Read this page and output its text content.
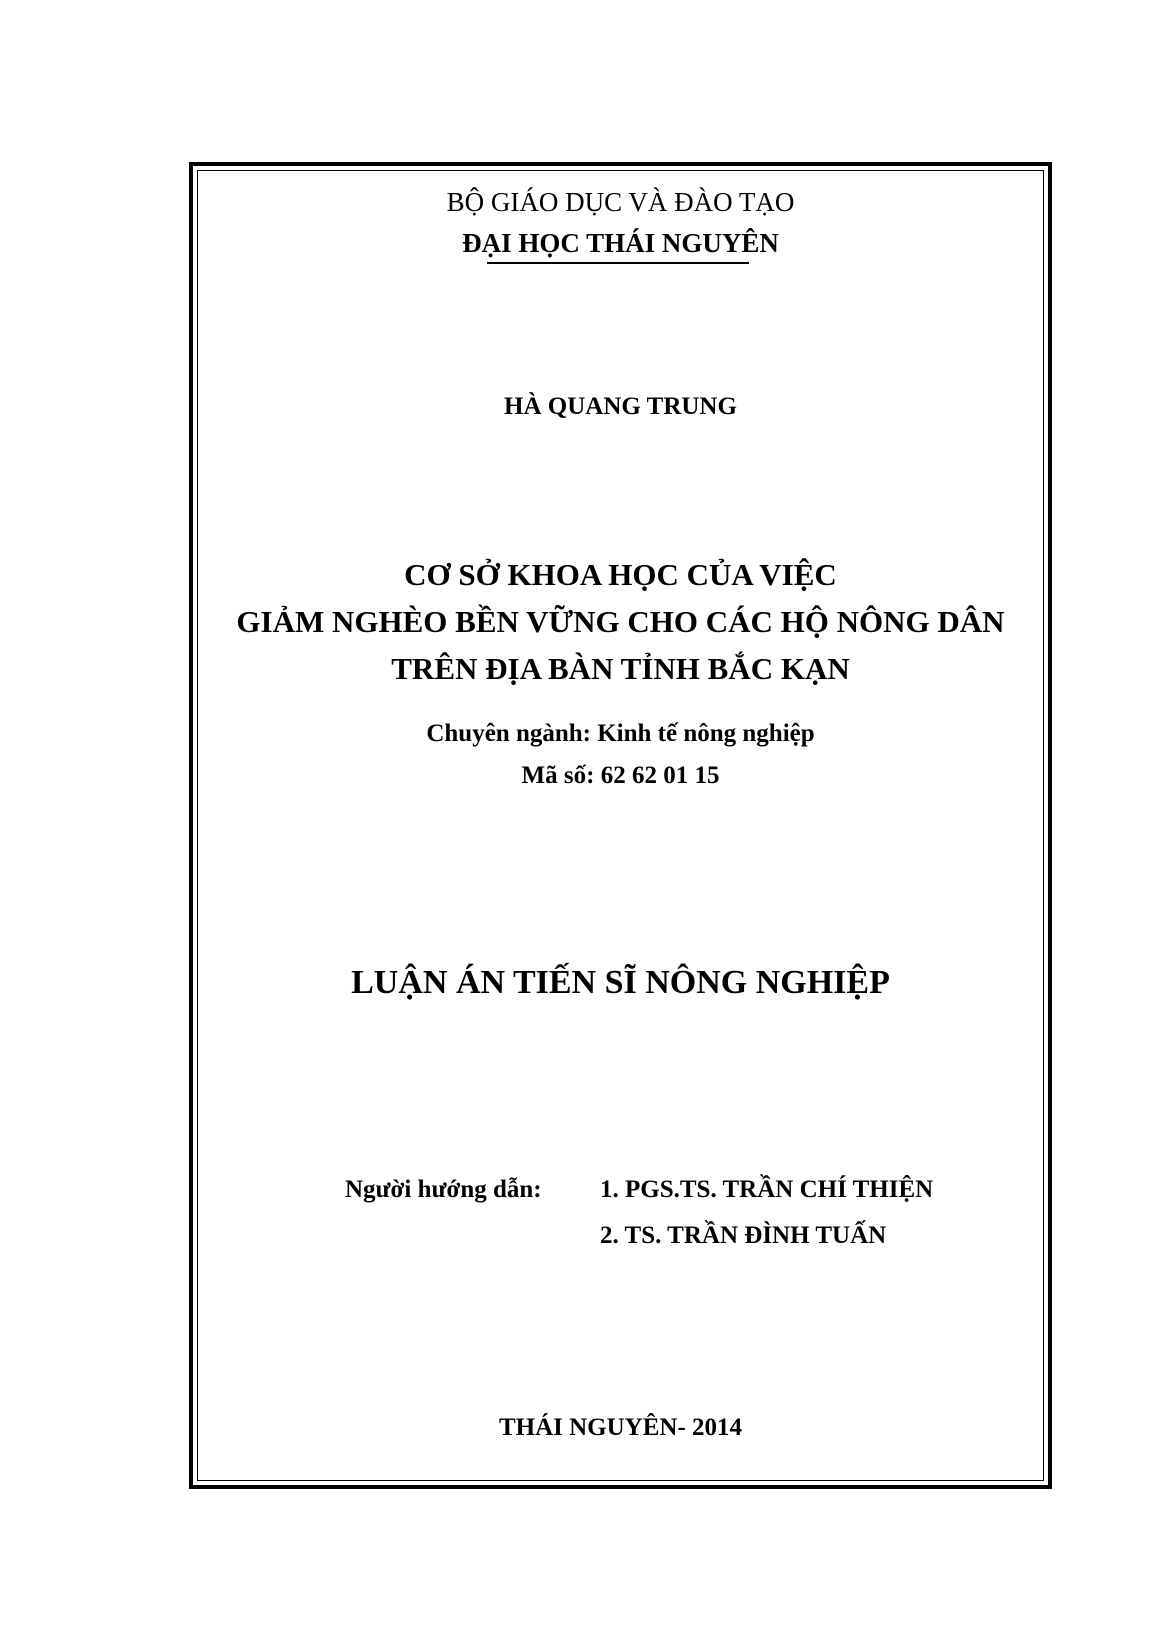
BỘ GIÁO DỤC VÀ ĐÀO TẠO
ĐẠI HỌC THÁI NGUYÊN
HÀ QUANG TRUNG
CƠ SỞ KHOA HỌC CỦA VIỆC
GIẢM NGHÈO BỀN VỮNG CHO CÁC HỘ NÔNG DÂN
TRÊN ĐỊA BÀN TỈNH BẮC KẠN
Chuyên ngành: Kinh tế nông nghiệp
Mã số: 62 62 01 15
LUẬN ÁN TIẾN SĨ NÔNG NGHIỆP
Người hướng dẫn: 1. PGS.TS. TRẦN CHÍ THIỆN
2. TS. TRẦN ĐÌNH TUẤN
THÁI NGUYÊN- 2014
